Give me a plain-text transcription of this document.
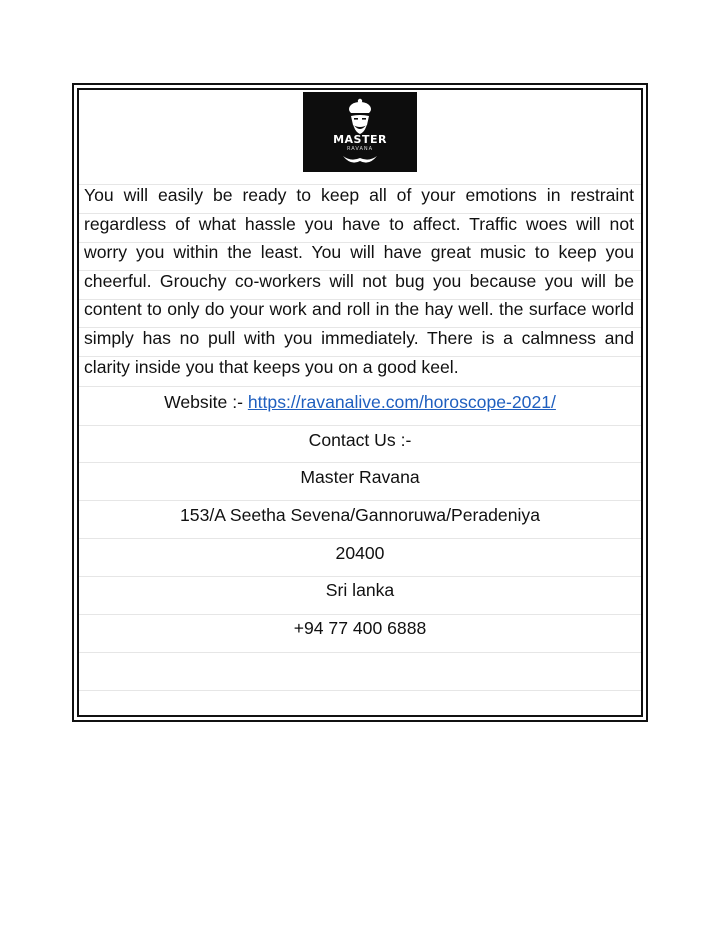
MASTER
RAVANA

You will easily be ready to keep all of your emotions in restraint regardless of what hassle you have to affect. Traffic woes will not worry you within the least. You will have great music to keep you cheerful. Grouchy co-workers will not bug you because you will be content to only do your work and roll in the hay well. the surface world simply has no pull with you immediately. There is a calmness and clarity inside you that keeps you on a good keel.

Website :- https://ravanalive.com/horoscope-2021/
Contact Us :-
Master Ravana
153/A Seetha Sevena/Gannoruwa/Peradeniya
20400
Sri lanka
+94 77 400 6888
